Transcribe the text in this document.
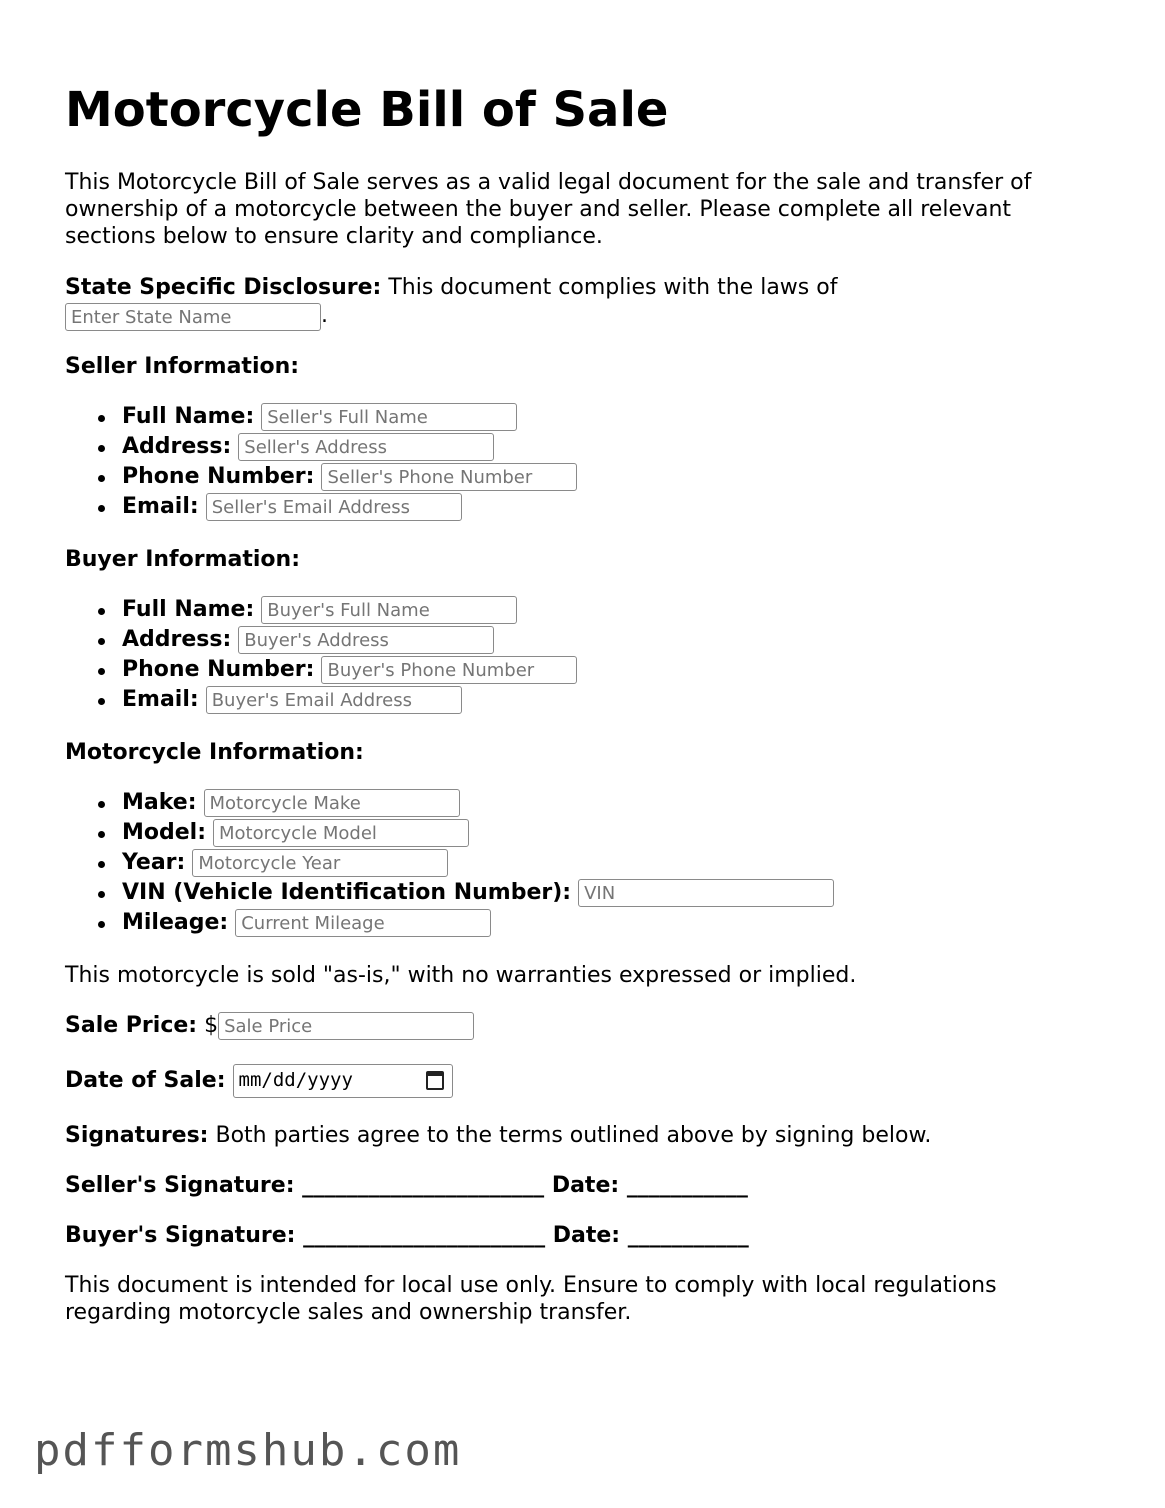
Motorcycle Bill of Sale

This Motorcycle Bill of Sale serves as a valid legal document for the sale and transfer of ownership of a motorcycle between the buyer and seller. Please complete all relevant sections below to ensure clarity and compliance.

State Specific Disclosure: This document complies with the laws of
Enter State Name.
Seller Information:
Full Name: Seller's Full Name
Address: Seller's Address
Phone Number: Seller's Phone Number
Email: Seller's Email Address
Buyer Information:
Full Name: Buyer's Full Name
Address: Buyer's Address
Phone Number: Buyer's Phone Number
Email: Buyer's Email Address
Motorcycle Information:
Make: Motorcycle Make
Model: Motorcycle Model
Year: Motorcycle Year
VIN (Vehicle Identification Number): VIN
Mileage: Current Mileage

This motorcycle is sold "as-is," with no warranties expressed or implied.

Sale Price: $Sale Price
Date of Sale: mm/dd/yyyy
Signatures: Both parties agree to the terms outlined above by signing below.
Seller's Signature: ______________________ Date: ___________
Buyer's Signature: ______________________ Date: ___________

This document is intended for local use only. Ensure to comply with local regulations regarding motorcycle sales and ownership transfer.

pdfformshub.com
